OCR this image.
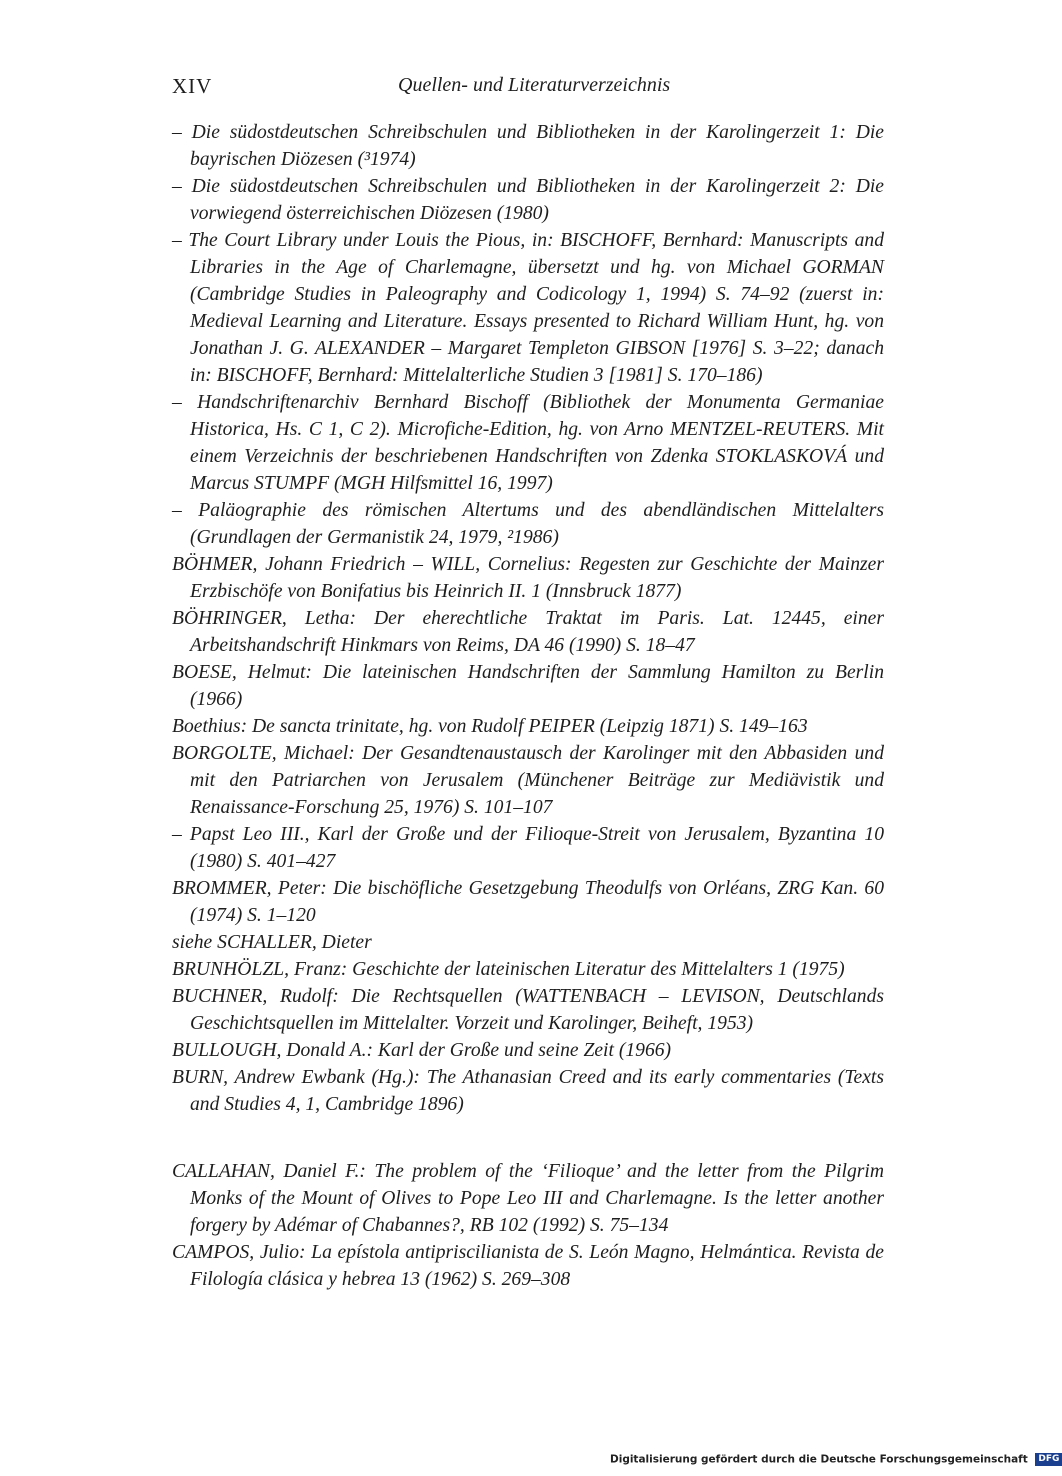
XIV	Quellen- und Literaturverzeichnis

– Die südostdeutschen Schreibschulen und Bibliotheken in der Karolingerzeit 1: Die bayrischen Diözesen (³1974)

– Die südostdeutschen Schreibschulen und Bibliotheken in der Karolingerzeit 2: Die vorwiegend österreichischen Diözesen (1980)

– The Court Library under Louis the Pious, in: BISCHOFF, Bernhard: Manuscripts and Libraries in the Age of Charlemagne, übersetzt und hg. von Michael GORMAN (Cambridge Studies in Paleography and Codicology 1, 1994) S. 74–92 (zuerst in: Medieval Learning and Literature. Essays presented to Richard William Hunt, hg. von Jonathan J. G. ALEXANDER – Margaret Templeton GIBSON [1976] S. 3–22; danach in: BISCHOFF, Bernhard: Mittelalterliche Studien 3 [1981] S. 170–186)

– Handschriftenarchiv Bernhard Bischoff (Bibliothek der Monumenta Germaniae Historica, Hs. C 1, C 2). Microfiche-Edition, hg. von Arno MENTZEL-REUTERS. Mit einem Verzeichnis der beschriebenen Handschriften von Zdenka STOKLASKOVÁ und Marcus STUMPF (MGH Hilfsmittel 16, 1997)

– Paläographie des römischen Altertums und des abendländischen Mittelalters (Grundlagen der Germanistik 24, 1979, ²1986)

BÖHMER, Johann Friedrich – WILL, Cornelius: Regesten zur Geschichte der Mainzer Erzbischöfe von Bonifatius bis Heinrich II. 1 (Innsbruck 1877)

BÖHRINGER, Letha: Der eherechtliche Traktat im Paris. Lat. 12445, einer Arbeitshandschrift Hinkmars von Reims, DA 46 (1990) S. 18–47

BOESE, Helmut: Die lateinischen Handschriften der Sammlung Hamilton zu Berlin (1966)

Boethius: De sancta trinitate, hg. von Rudolf PEIPER (Leipzig 1871) S. 149–163

BORGOLTE, Michael: Der Gesandtenaustausch der Karolinger mit den Abbasiden und mit den Patriarchen von Jerusalem (Münchener Beiträge zur Mediävistik und Renaissance-Forschung 25, 1976) S. 101–107

– Papst Leo III., Karl der Große und der Filioque-Streit von Jerusalem, Byzantina 10 (1980) S. 401–427

BROMMER, Peter: Die bischöfliche Gesetzgebung Theodulfs von Orléans, ZRG Kan. 60 (1974) S. 1–120

siehe SCHALLER, Dieter

BRUNHÖLZL, Franz: Geschichte der lateinischen Literatur des Mittelalters 1 (1975)

BUCHNER, Rudolf: Die Rechtsquellen (WATTENBACH – LEVISON, Deutschlands Geschichtsquellen im Mittelalter. Vorzeit und Karolinger, Beiheft, 1953)

BULLOUGH, Donald A.: Karl der Große und seine Zeit (1966)

BURN, Andrew Ewbank (Hg.): The Athanasian Creed and its early commentaries (Texts and Studies 4, 1, Cambridge 1896)

CALLAHAN, Daniel F.: The problem of the ‘Filioque’ and the letter from the Pilgrim Monks of the Mount of Olives to Pope Leo III and Charlemagne. Is the letter another forgery by Adémar of Chabannes?, RB 102 (1992) S. 75–134

CAMPOS, Julio: La epístola antipriscilianista de S. León Magno, Helmántica. Revista de Filología clásica y hebrea 13 (1962) S. 269–308

Digitalisierung gefördert durch die Deutsche Forschungsgemeinschaft DFG
